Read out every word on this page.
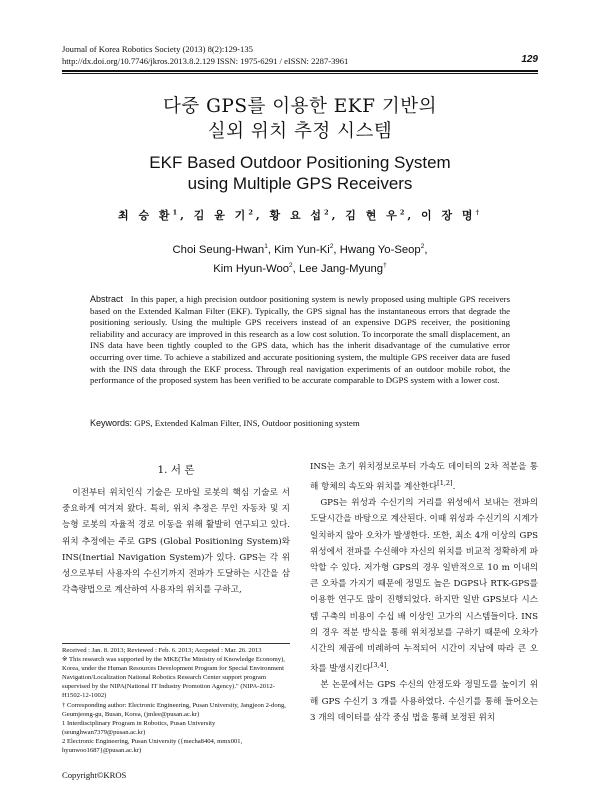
Journal of Korea Robotics Society (2013) 8(2):129-135
http://dx.doi.org/10.7746/jkros.2013.8.2.129 ISSN: 1975-6291 / eISSN: 2287-3961	129
다중 GPS를 이용한 EKF 기반의
실외 위치 추정 시스템
EKF Based Outdoor Positioning System
using Multiple GPS Receivers
최 승 환$^1$, 김 윤 기$^2$, 황 요 섭$^2$, 김 현 우$^2$, 이 장 명†
Choi Seung-Hwan$^1$, Kim Yun-Ki$^2$, Hwang Yo-Seop$^2$,
Kim Hyun-Woo$^2$, Lee Jang-Myung†
Abstract In this paper, a high precision outdoor positioning system is newly proposed using multiple GPS receivers based on the Extended Kalman Filter (EKF). Typically, the GPS signal has the instantaneous errors that degrade the positioning seriously. Using the multiple GPS receivers instead of an expensive DGPS receiver, the positioning reliability and accuracy are improved in this research as a low cost solution. To incorporate the small displacement, an INS data have been tightly coupled to the GPS data, which has the inherit disadvantage of the cumulative error occurring over time. To achieve a stabilized and accurate positioning system, the multiple GPS receiver data are fused with the INS data through the EKF process. Through real navigation experiments of an outdoor mobile robot, the performance of the proposed system has been verified to be accurate comparable to DGPS system with a lower cost.
Keywords: GPS, Extended Kalman Filter, INS, Outdoor positioning system
1. 서 론

이전부터 위치인식 기술은 모바일 로봇의 핵심 기술로 서 중요하게 여겨져 왔다. 특히, 위치 추정은 무인 자동차 및 지능형 로봇의 자율적 경로 이동을 위해 활발히 연구되고 있다. 위치 추정에는 주로 GPS (Global Positioning System)와 INS(Inertial Navigation System)가 있다. GPS는 각 위성으로부터 사용자의 수신기까지 전파가 도달하는 시간을 삼각측량법으로 계산하여 사용자의 위치를 구하고,

INS는 초기 위치정보로부터 가속도 데이터의 2차 적분을 통해 항체의 속도와 위치를 계산한다[1,2].

GPS는 위성과 수신기의 거리를 위성에서 보내는 전파의 도달시간을 바탕으로 계산된다. 이때 위성과 수신기의 시계가 일치하지 않아 오차가 발생한다. 또한, 최소 4개 이상의 GPS 위성에서 전파를 수신해야 자신의 위치를 비교적 정확하게 파악할 수 있다. 저가형 GPS의 경우 일반적으로 10 m 이내의 큰 오차를 가지기 때문에 정밀도 높은 DGPS나 RTK-GPS를 이용한 연구도 많이 진행되었다. 하지만 일반 GPS보다 시스템 구축의 비용이 수십 배 이상인 고가의 시스템들이다. INS의 경우 적분 방식을 통해 위치정보를 구하기 때문에 오차가 시간의 제곱에 비례하여 누적되어 시간이 지남에 따라 큰 오차를 발생시킨다[3,4].

본 논문에서는 GPS 수신의 안정도와 정밀도를 높이기 위해 GPS 수신기 3 개를 사용하였다. 수신기를 통해 들어오는 3 개의 데이터를 삼각 중심 법을 통해 보정된 위치

Received : Jan. 8. 2013; Reviewed : Feb. 6. 2013; Accpeted : Mar. 26. 2013
※ This research was supported by the MKE(The Ministry of Knowledge Economy), Korea, under the Human Resources Development Program for Special Environment Navigation/Localization National Robotics Research Center support program supervised by the NIPA(National IT Industry Promotion Agency)." (NIPA-2012-H1502-12-1002)
† Corresponding author: Electronic Engineering, Pusan University, Jangjeon 2-dong, Geumjeong-gu, Busan, Korea, (jmlee@pusan.ac.kr)
1 Interdisciplinary Program in Robotics, Pusan University (seunghwan7379@pusan.ac.kr)
2 Electronic Engineering, Pusan University ({mecha8404, mmx001, hyunwoo1687}@pusan.ac.kr)
Copyright©KROS
